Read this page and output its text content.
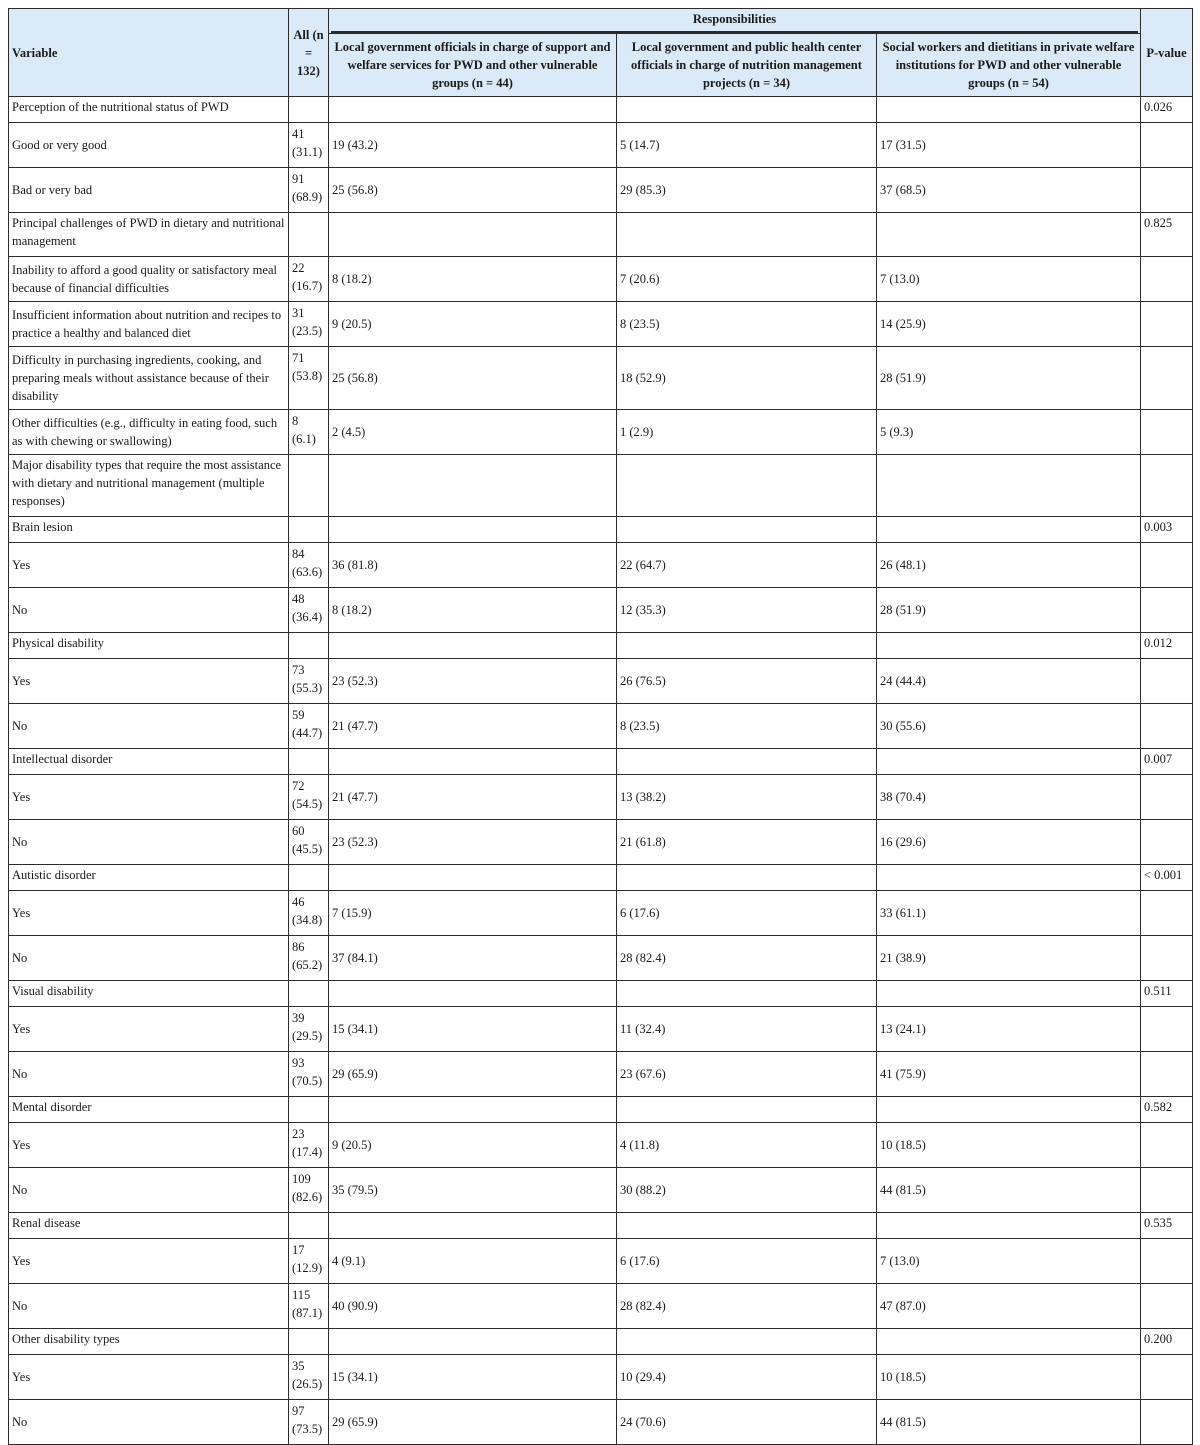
Variable	All (n = 132)	Responsibilities			P-value
		Local government officials in charge of support and welfare services for PWD and other vulnerable groups (n = 44)	Local government and public health center officials in charge of nutrition management projects (n = 34)	Social workers and dietitians in private welfare institutions for PWD and other vulnerable groups (n = 54)	
Perception of the nutritional status of PWD					0.026
Good or very good	41 (31.1)	19 (43.2)	5 (14.7)	17 (31.5)	
Bad or very bad	91 (68.9)	25 (56.8)	29 (85.3)	37 (68.5)	
Principal challenges of PWD in dietary and nutritional management					0.825
Inability to afford a good quality or satisfactory meal because of financial difficulties	22 (16.7)	8 (18.2)	7 (20.6)	7 (13.0)	
Insufficient information about nutrition and recipes to practice a healthy and balanced diet	31 (23.5)	9 (20.5)	8 (23.5)	14 (25.9)	
Difficulty in purchasing ingredients, cooking, and preparing meals without assistance because of their disability	71 (53.8)	25 (56.8)	18 (52.9)	28 (51.9)	
Other difficulties (e.g., difficulty in eating food, such as with chewing or swallowing)	8 (6.1)	2 (4.5)	1 (2.9)	5 (9.3)	
Major disability types that require the most assistance with dietary and nutritional management (multiple responses)					
Brain lesion					0.003
Yes	84 (63.6)	36 (81.8)	22 (64.7)	26 (48.1)	
No	48 (36.4)	8 (18.2)	12 (35.3)	28 (51.9)	
Physical disability					0.012
Yes	73 (55.3)	23 (52.3)	26 (76.5)	24 (44.4)	
No	59 (44.7)	21 (47.7)	8 (23.5)	30 (55.6)	
Intellectual disorder					0.007
Yes	72 (54.5)	21 (47.7)	13 (38.2)	38 (70.4)	
No	60 (45.5)	23 (52.3)	21 (61.8)	16 (29.6)	
Autistic disorder					< 0.001
Yes	46 (34.8)	7 (15.9)	6 (17.6)	33 (61.1)	
No	86 (65.2)	37 (84.1)	28 (82.4)	21 (38.9)	
Visual disability					0.511
Yes	39 (29.5)	15 (34.1)	11 (32.4)	13 (24.1)	
No	93 (70.5)	29 (65.9)	23 (67.6)	41 (75.9)	
Mental disorder					0.582
Yes	23 (17.4)	9 (20.5)	4 (11.8)	10 (18.5)	
No	109 (82.6)	35 (79.5)	30 (88.2)	44 (81.5)	
Renal disease					0.535
Yes	17 (12.9)	4 (9.1)	6 (17.6)	7 (13.0)	
No	115 (87.1)	40 (90.9)	28 (82.4)	47 (87.0)	
Other disability types					0.200
Yes	35 (26.5)	15 (34.1)	10 (29.4)	10 (18.5)	
No	97 (73.5)	29 (65.9)	24 (70.6)	44 (81.5)	
